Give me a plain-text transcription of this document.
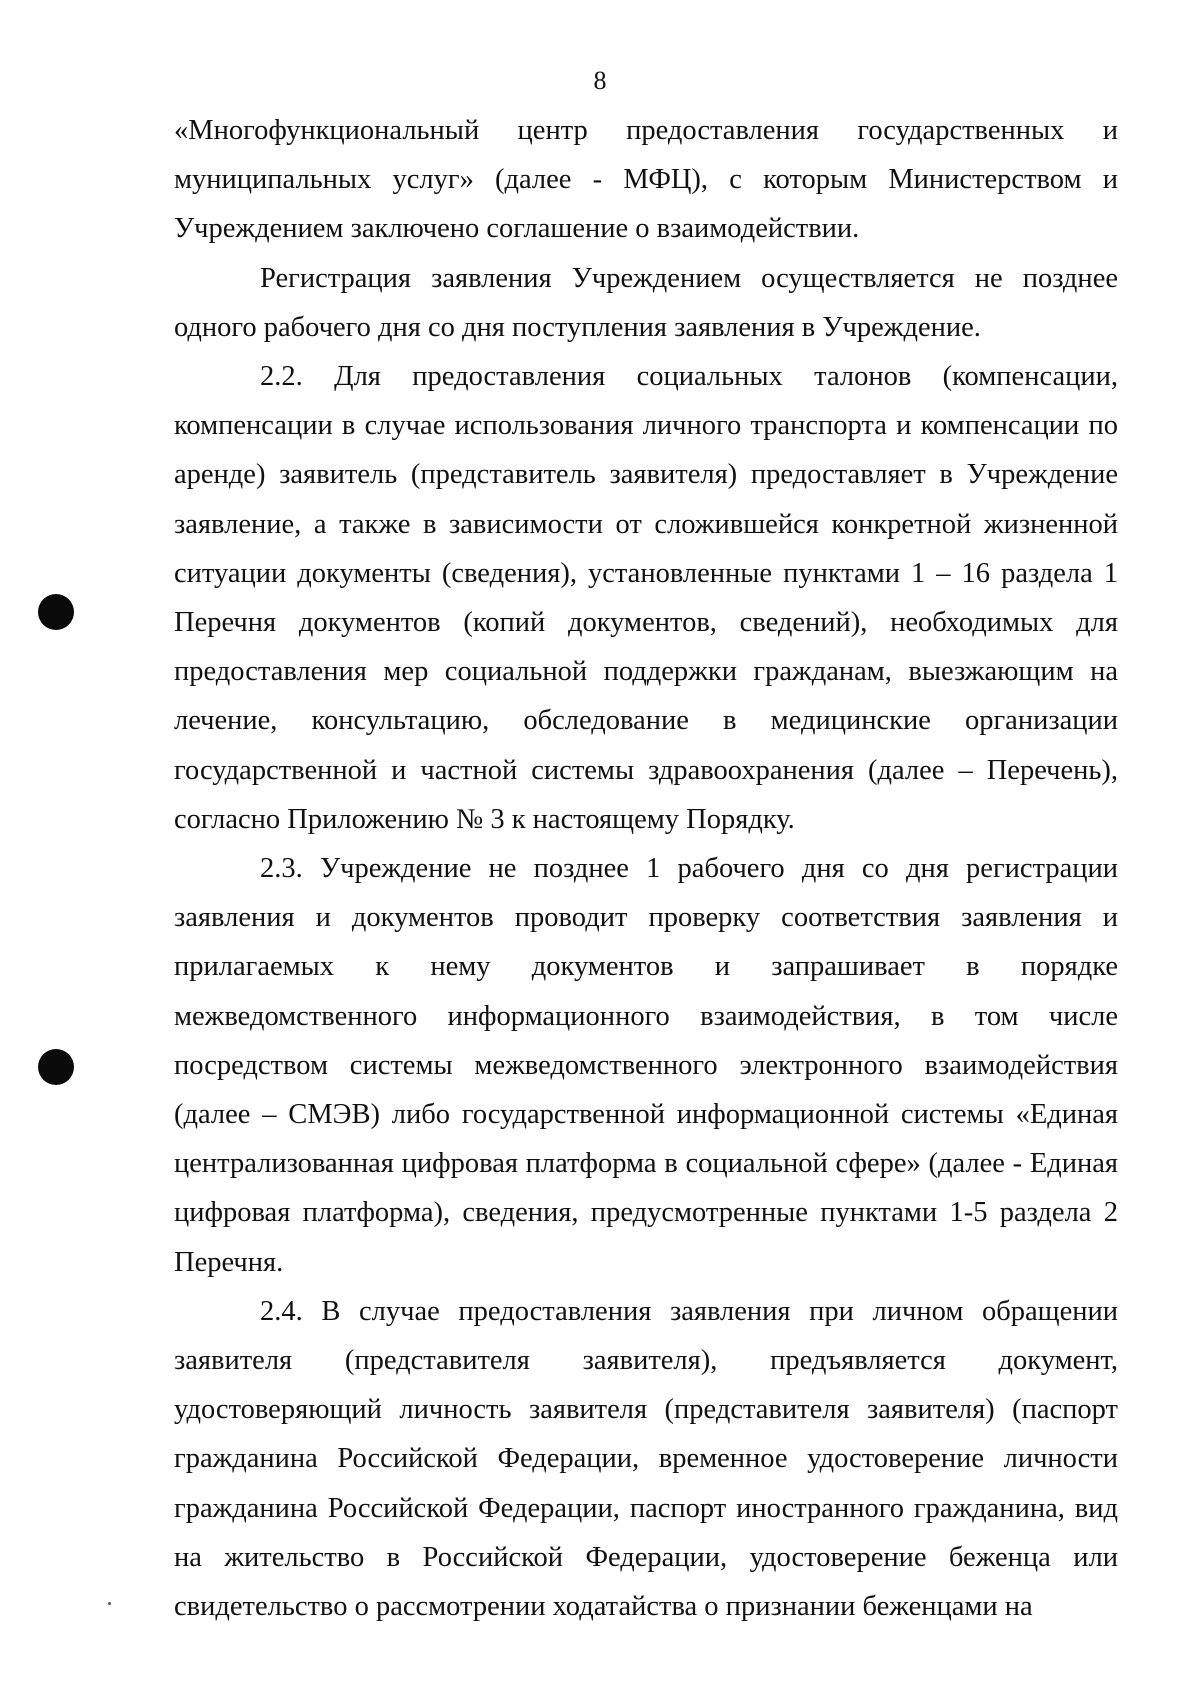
8

«Многофункциональный центр предоставления государственных и муниципальных услуг» (далее - МФЦ), с которым Министерством и Учреждением заключено соглашение о взаимодействии.

Регистрация заявления Учреждением осуществляется не позднее одного рабочего дня со дня поступления заявления в Учреждение.

2.2. Для предоставления социальных талонов (компенсации, компенсации в случае использования личного транспорта и компенсации по аренде) заявитель (представитель заявителя) предоставляет в Учреждение заявление, а также в зависимости от сложившейся конкретной жизненной ситуации документы (сведения), установленные пунктами 1 – 16 раздела 1 Перечня документов (копий документов, сведений), необходимых для предоставления мер социальной поддержки гражданам, выезжающим на лечение, консультацию, обследование в медицинские организации государственной и частной системы здравоохранения (далее – Перечень), согласно Приложению № 3 к настоящему Порядку.

2.3. Учреждение не позднее 1 рабочего дня со дня регистрации заявления и документов проводит проверку соответствия заявления и прилагаемых к нему документов и запрашивает в порядке межведомственного информационного взаимодействия, в том числе посредством системы межведомственного электронного взаимодействия (далее – СМЭВ) либо государственной информационной системы «Единая централизованная цифровая платформа в социальной сфере» (далее - Единая цифровая платформа), сведения, предусмотренные пунктами 1-5 раздела 2 Перечня.

2.4. В случае предоставления заявления при личном обращении заявителя (представителя заявителя), предъявляется документ, удостоверяющий личность заявителя (представителя заявителя) (паспорт гражданина Российской Федерации, временное удостоверение личности гражданина Российской Федерации, паспорт иностранного гражданина, вид на жительство в Российской Федерации, удостоверение беженца или свидетельство о рассмотрении ходатайства о признании беженцами на
